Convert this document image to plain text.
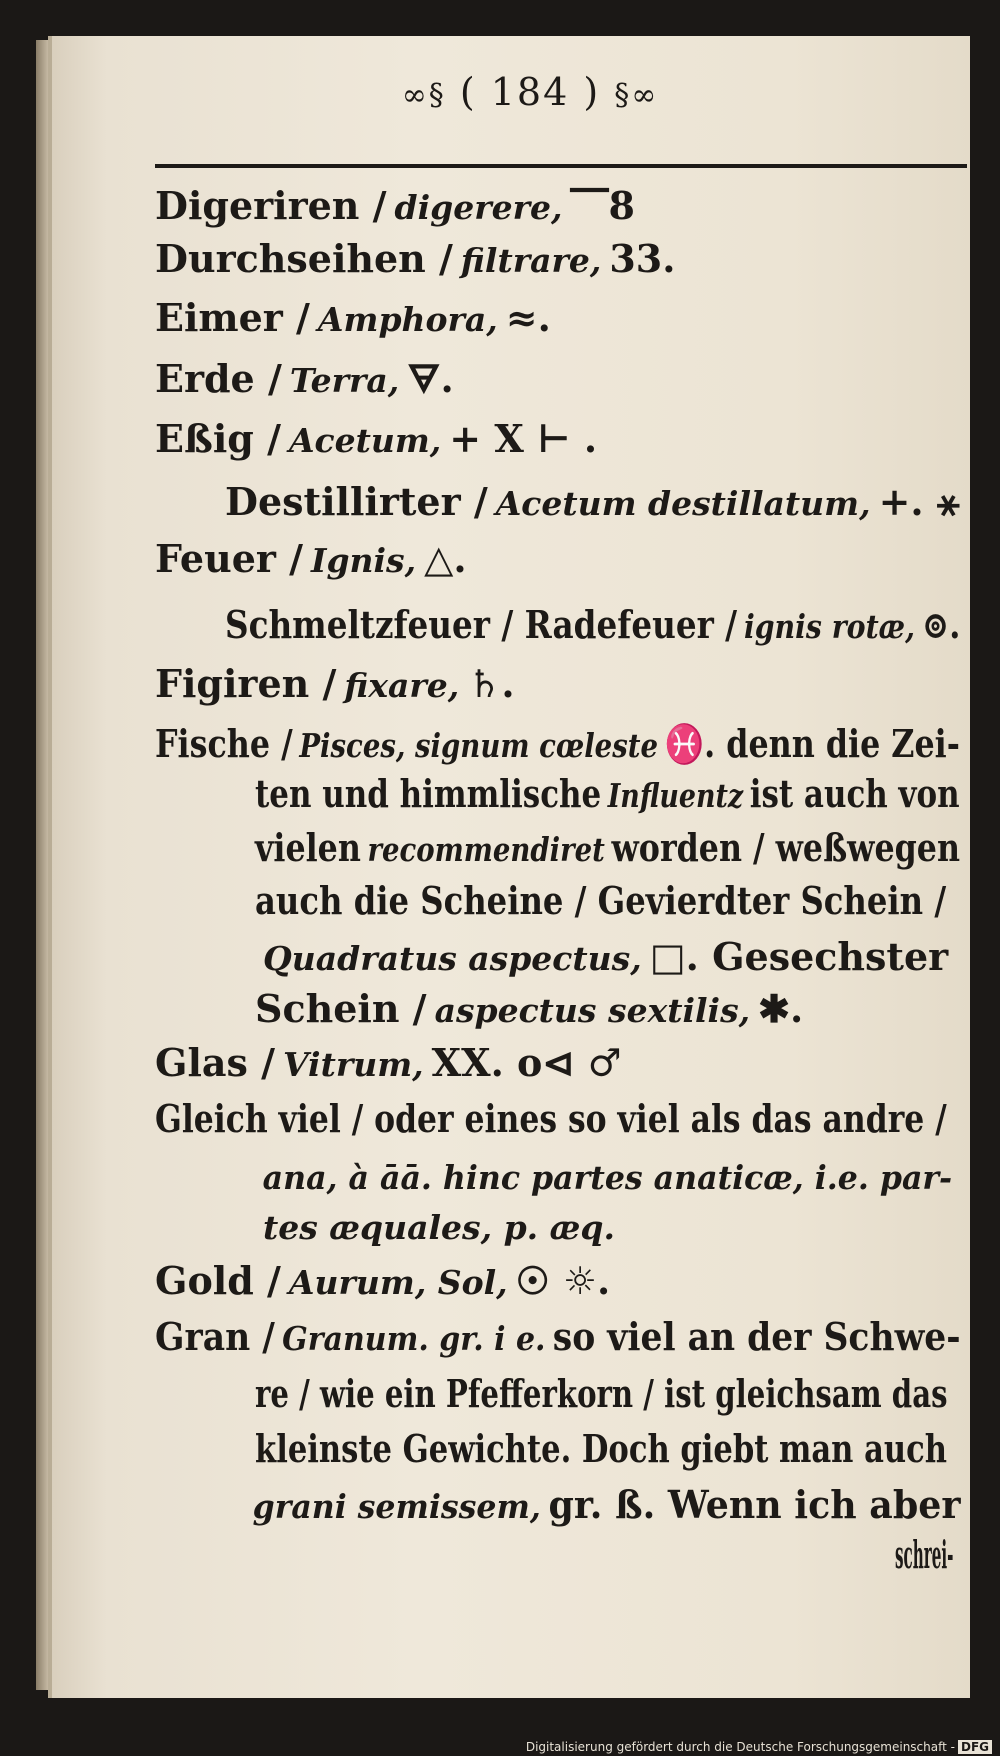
∞§ ( 184 ) §∞
Digeriren / digerere, ⎺8
Durchseihen / filtrare, 33.
Eimer / Amphora, ≈.
Erde / Terra, 🜃.
Eßig / Acetum, + X ⊢ .
Destillirter / Acetum destillatum, +. ⚹
Feuer / Ignis, △.
Schmeltzfeuer / Radefeuer / ignis rotæ, ⊚.
Figiren / fixare, ♄.
Fische / Pisces, signum cœleste ♓. denn die Zei-
ten und himmlische Influentz ist auch von
vielen recommendiret worden / weßwegen
auch die Scheine / Gevierdter Schein /
Quadratus aspectus, □. Gesechster
Schein / aspectus sextilis, ✱.
Glas / Vitrum, XX. o⊲ ♂
Gleich viel / oder eines so viel als das andre /
ana, à āā. hinc partes anaticæ, i.e. par-
tes æquales, p. æq.
Gold / Aurum, Sol, ☉ ☼.
Gran / Granum. gr. i e. so viel an der Schwe-
re / wie ein Pfefferkorn / ist gleichsam das
kleinste Gewichte. Doch giebt man auch
grani semissem, gr. ß. Wenn ich aber
schrei-
Digitalisierung gefördert durch die Deutsche Forschungsgemeinschaft - DFG
